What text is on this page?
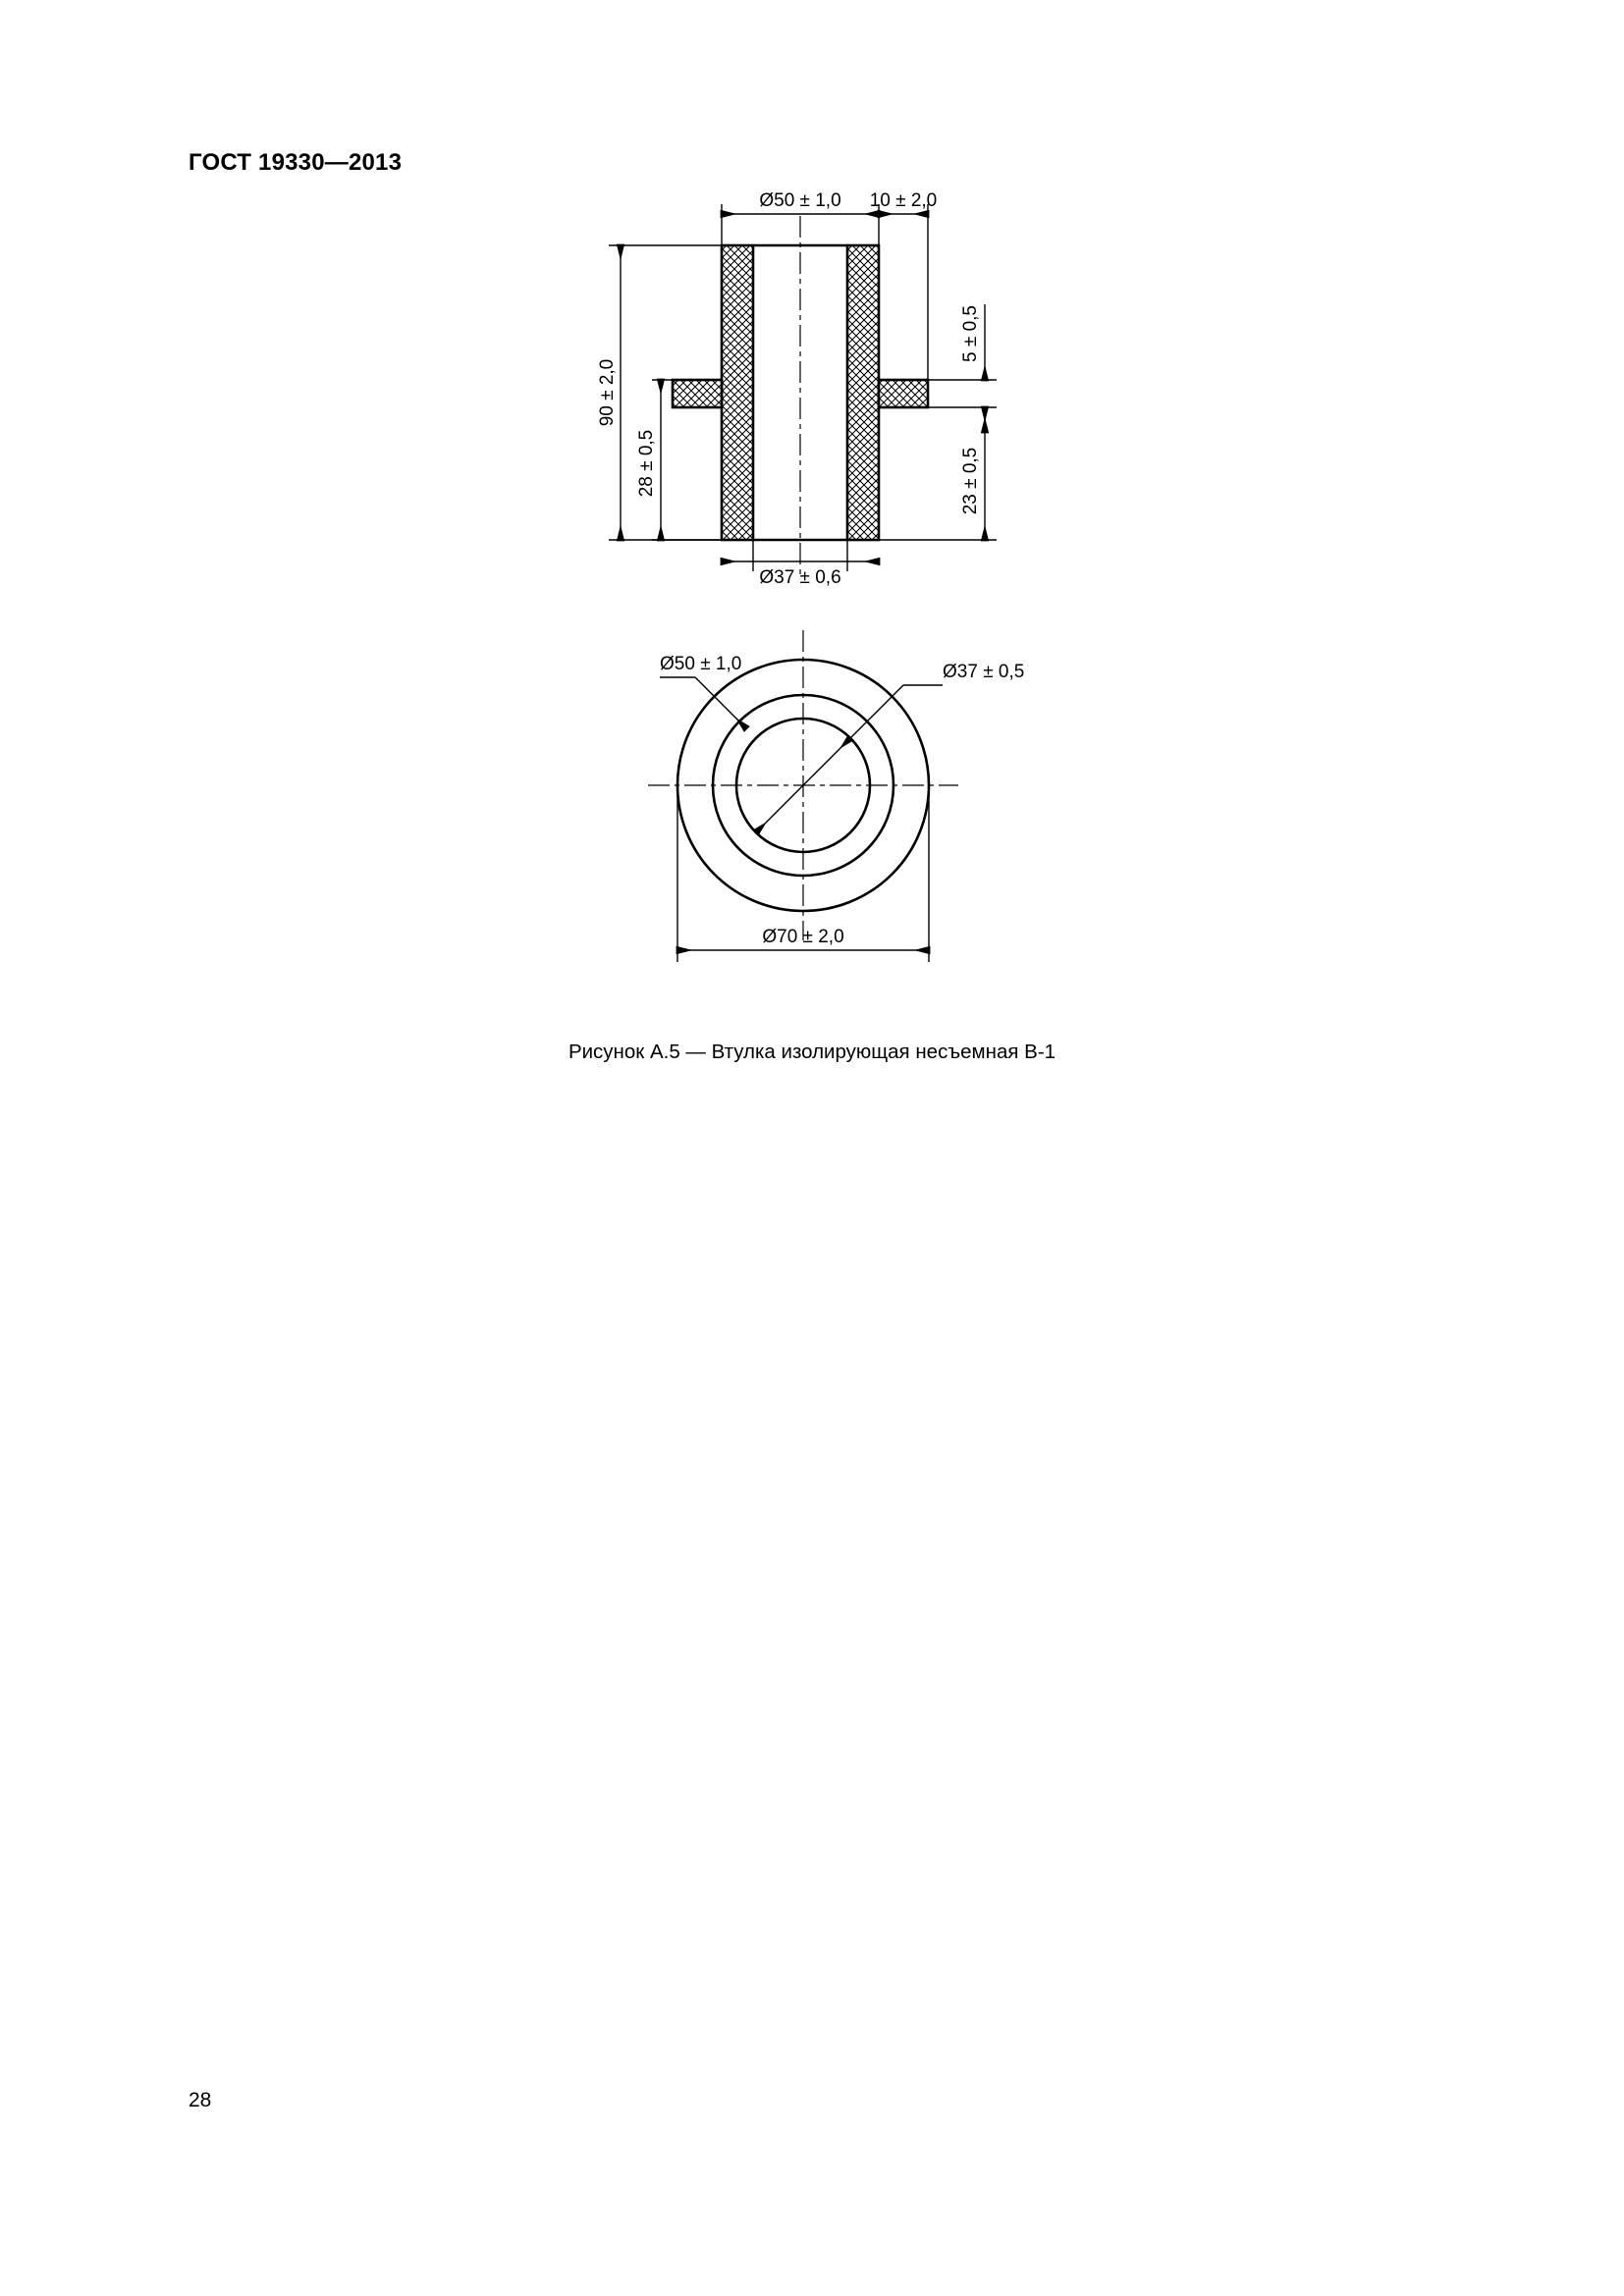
ГОСТ 19330—2013
Ø50 ± 1,0 10 ± 2,0
90 ± 2,0
28 ± 0,5
5 ± 0,5
23 ± 0,5
Ø37 ± 0,6
Ø50 ± 1,0	Ø37 ± 0,5
Ø70 ± 2,0
Рисунок А.5 — Втулка изолирующая несъемная В-1
28
